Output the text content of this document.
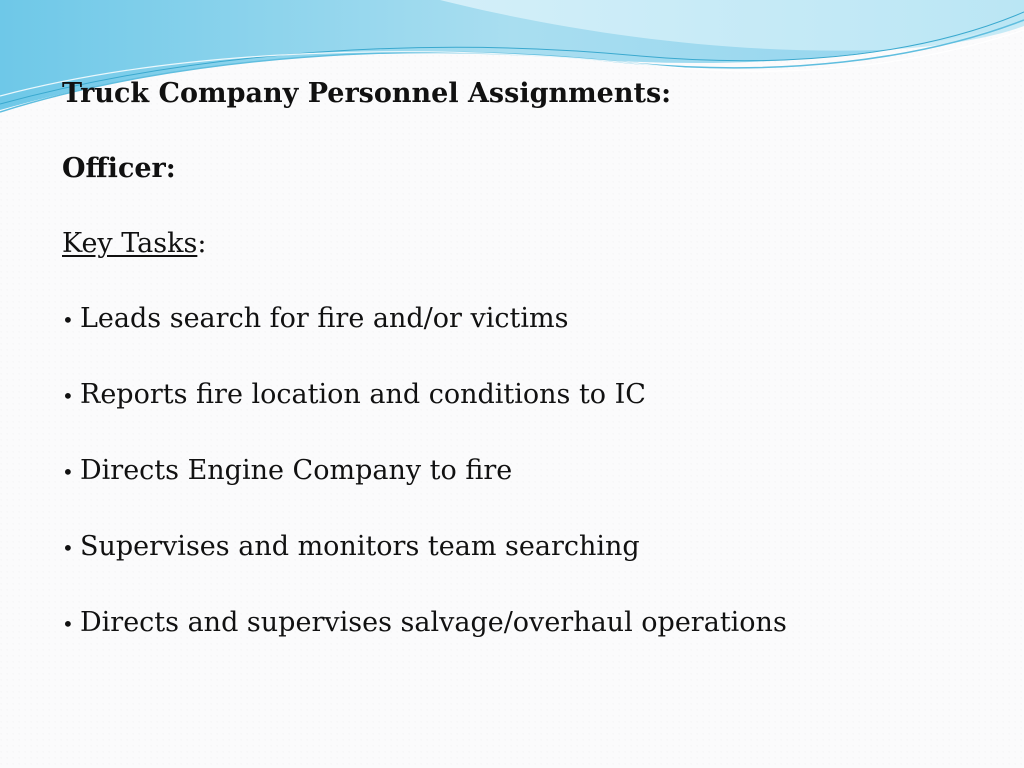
Truck Company Personnel Assignments:
Officer:
Key Tasks:
• Leads search for fire and/or victims
• Reports fire location and conditions to IC
• Directs Engine Company to fire
• Supervises and monitors team searching
• Directs and supervises salvage/overhaul operations
